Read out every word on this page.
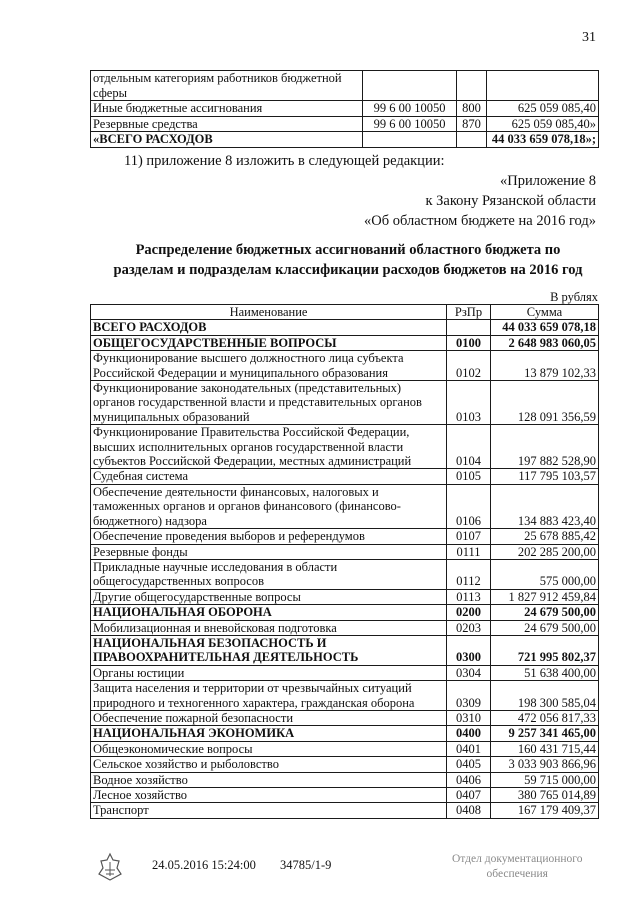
31
отдельным категориям работников бюджетной сферы			
Иные бюджетные ассигнования	99 6 00 10050	800	625 059 085,40
Резервные средства	99 6 00 10050	870	625 059 085,40»
«ВСЕГО РАСХОДОВ			44 033 659 078,18»;
11) приложение 8 изложить в следующей редакции:
«Приложение 8
к Закону Рязанской области
«Об областном бюджете на 2016 год»
Распределение бюджетных ассигнований областного бюджета по
разделам и подразделам классификации расходов бюджетов на 2016 год
В рублях
Наименование	РзПр	Сумма
ВСЕГО РАСХОДОВ		44 033 659 078,18
ОБЩЕГОСУДАРСТВЕННЫЕ ВОПРОСЫ	0100	2 648 983 060,05
Функционирование высшего должностного лица субъекта Российской Федерации и муниципального образования	0102	13 879 102,33
Функционирование законодательных (представительных) органов государственной власти и представительных органов муниципальных образований	0103	128 091 356,59
Функционирование Правительства Российской Федерации, высших исполнительных органов государственной власти субъектов Российской Федерации, местных администраций	0104	197 882 528,90
Судебная система	0105	117 795 103,57
Обеспечение деятельности финансовых, налоговых и таможенных органов и органов финансового (финансово-бюджетного) надзора	0106	134 883 423,40
Обеспечение проведения выборов и референдумов	0107	25 678 885,42
Резервные фонды	0111	202 285 200,00
Прикладные научные исследования в области общегосударственных вопросов	0112	575 000,00
Другие общегосударственные вопросы	0113	1 827 912 459,84
НАЦИОНАЛЬНАЯ ОБОРОНА	0200	24 679 500,00
Мобилизационная и вневойсковая подготовка	0203	24 679 500,00
НАЦИОНАЛЬНАЯ БЕЗОПАСНОСТЬ И ПРАВООХРАНИТЕЛЬНАЯ ДЕЯТЕЛЬНОСТЬ	0300	721 995 802,37
Органы юстиции	0304	51 638 400,00
Защита населения и территории от чрезвычайных ситуаций природного и техногенного характера, гражданская оборона	0309	198 300 585,04
Обеспечение пожарной безопасности	0310	472 056 817,33
НАЦИОНАЛЬНАЯ ЭКОНОМИКА	0400	9 257 341 465,00
Общеэкономические вопросы	0401	160 431 715,44
Сельское хозяйство и рыболовство	0405	3 033 903 866,96
Водное хозяйство	0406	59 715 000,00
Лесное хозяйство	0407	380 765 014,89
Транспорт	0408	167 179 409,37
24.05.2016 15:24:00 34785/1-9	Отдел документационного
обеспечения
